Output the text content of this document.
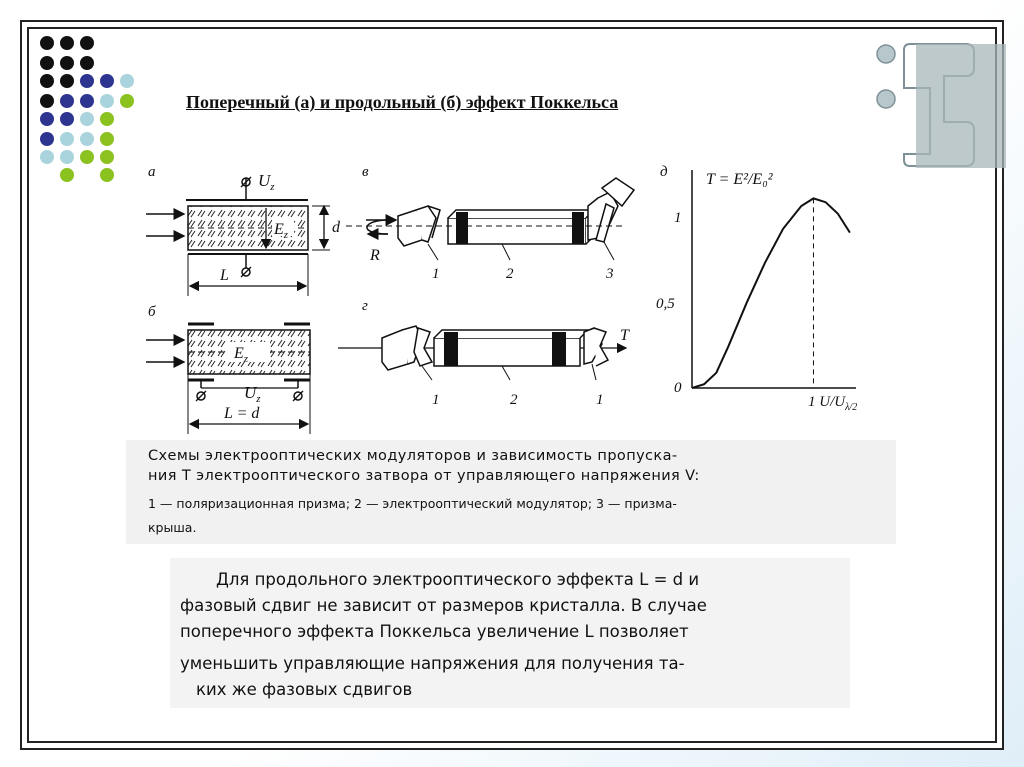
Поперечный (а) и продольный (б) эффект Поккельса
а	$U_z$
$E_z$	d
L
б
$E_z$
$U_z$
L = d
в
R
1	2	3
г
T
1	2	1
д T = E²/E₀²
1
0,5
0
1 $U/U_{\lambda/2}$

Схемы электрооптических модуляторов и зависимость пропуска-

ния T электрооптического затвора от управляющего напряжения V:

1 — поляризационная призма; 2 — электрооптический модулятор; 3 — призма-

крыша.

Для продольного электрооптического эффекта L = d и

фазовый сдвиг не зависит от размеров кристалла. В случае

поперечного эффекта Поккельса увеличение L позволяет

уменьшить управляющие напряжения для получения та-

ких же фазовых сдвигов
